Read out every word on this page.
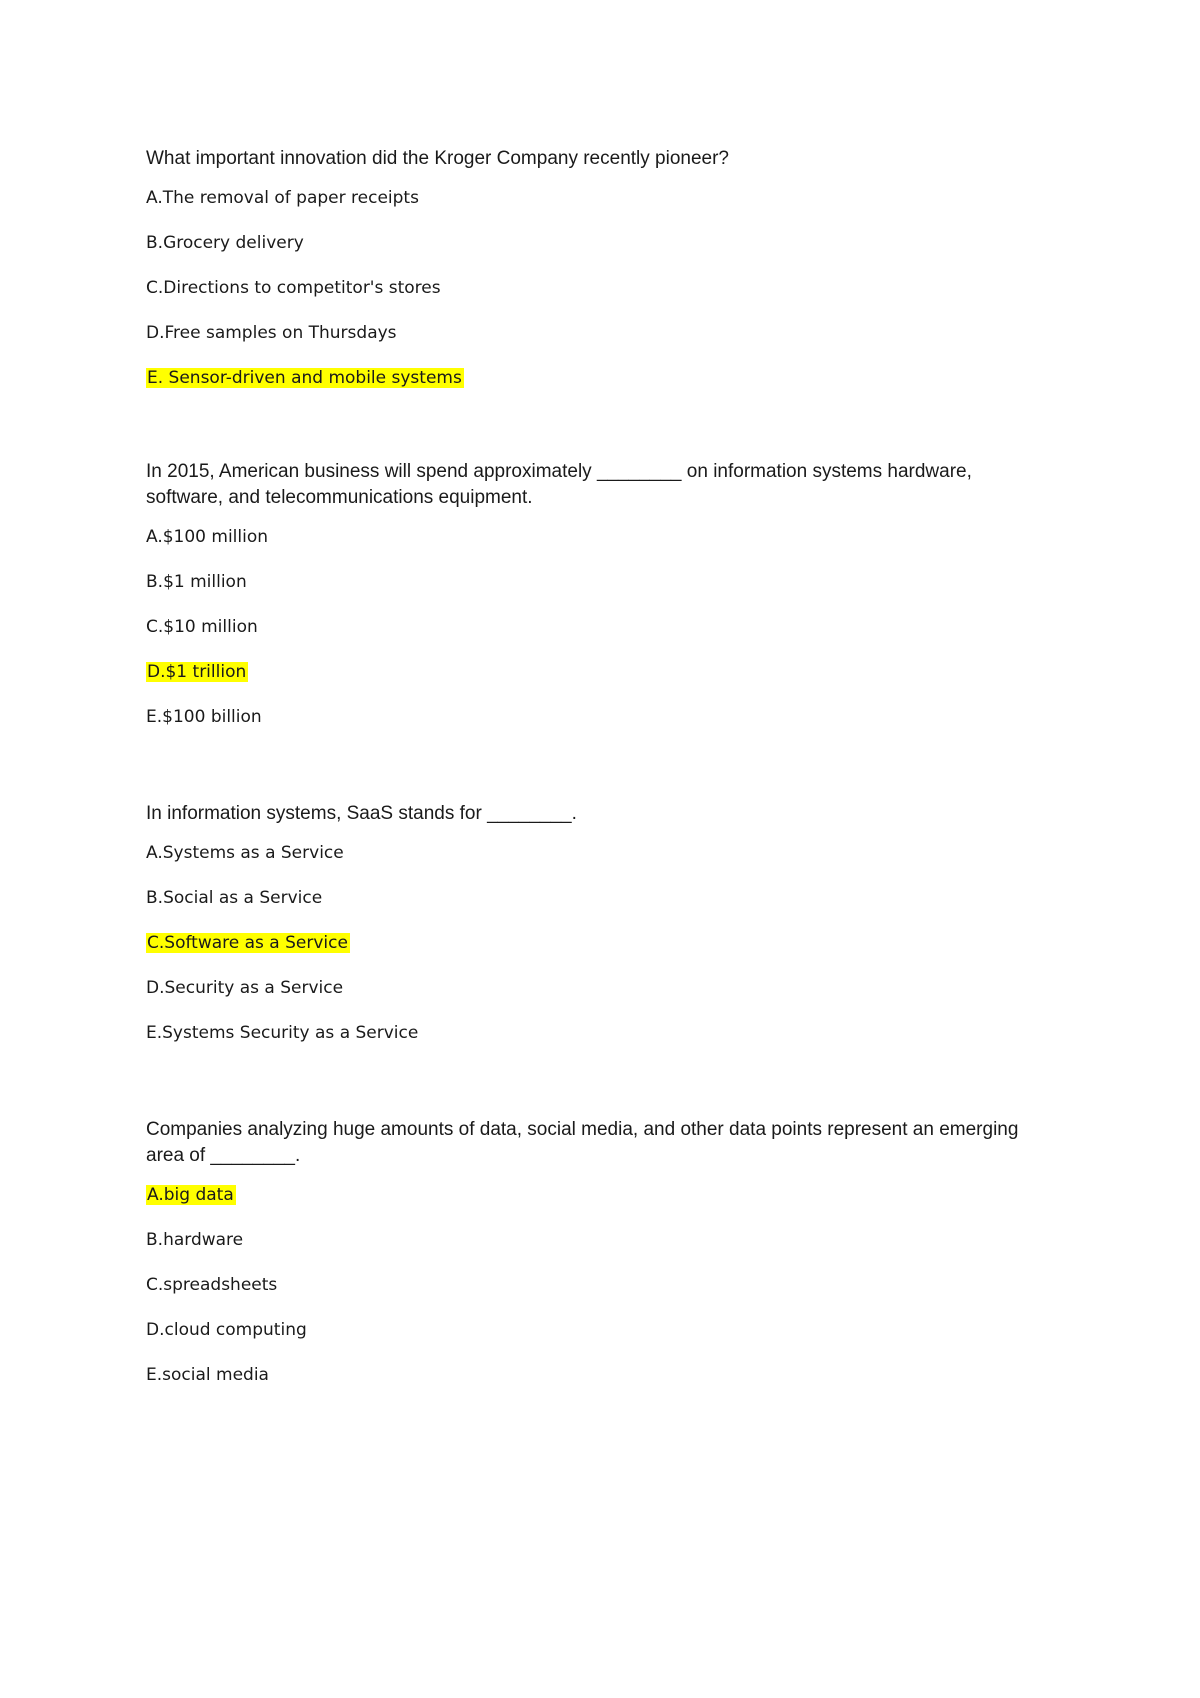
What important innovation did the Kroger Company recently pioneer?

A.The removal of paper receipts
B.Grocery delivery
C.Directions to competitor's stores
D.Free samples on Thursdays
E. Sensor-driven and mobile systems

In 2015, American business will spend approximately ________ on information systems hardware, software, and telecommunications equipment.

A.$100 million
B.$1 million
C.$10 million
D.$1 trillion
E.$100 billion

In information systems, SaaS stands for ________.

A.Systems as a Service
B.Social as a Service
C.Software as a Service
D.Security as a Service
E.Systems Security as a Service

Companies analyzing huge amounts of data, social media, and other data points represent an emerging area of ________.

A.big data
B.hardware
C.spreadsheets
D.cloud computing
E.social media
